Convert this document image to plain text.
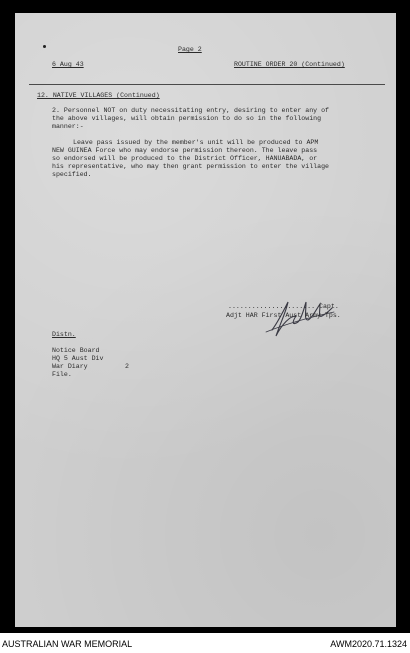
Page 2
6 Aug 43	ROUTINE ORDER 20 (Continued)
12. NATIVE VILLAGES (Continued)
2. Personnel NOT on duty necessitating entry, desiring to enter any of
the above villages, will obtain permission to do so in the following
manner:-
Leave pass issued by the member's unit will be produced to APM
NEW GUINEA Force who may endorse permission thereon. The leave pass
so endorsed will be produced to the District Officer, HANUABADA, or
his representative, who may then grant permission to enter the village
specified.
...................... Capt.
Adjt HAR First Aust Army Tps.
Distn.
Notice Board
HQ 5 Aust Div
War Diary	2
File.
AUSTRALIAN WAR MEMORIAL	AWM2020.71.1324
